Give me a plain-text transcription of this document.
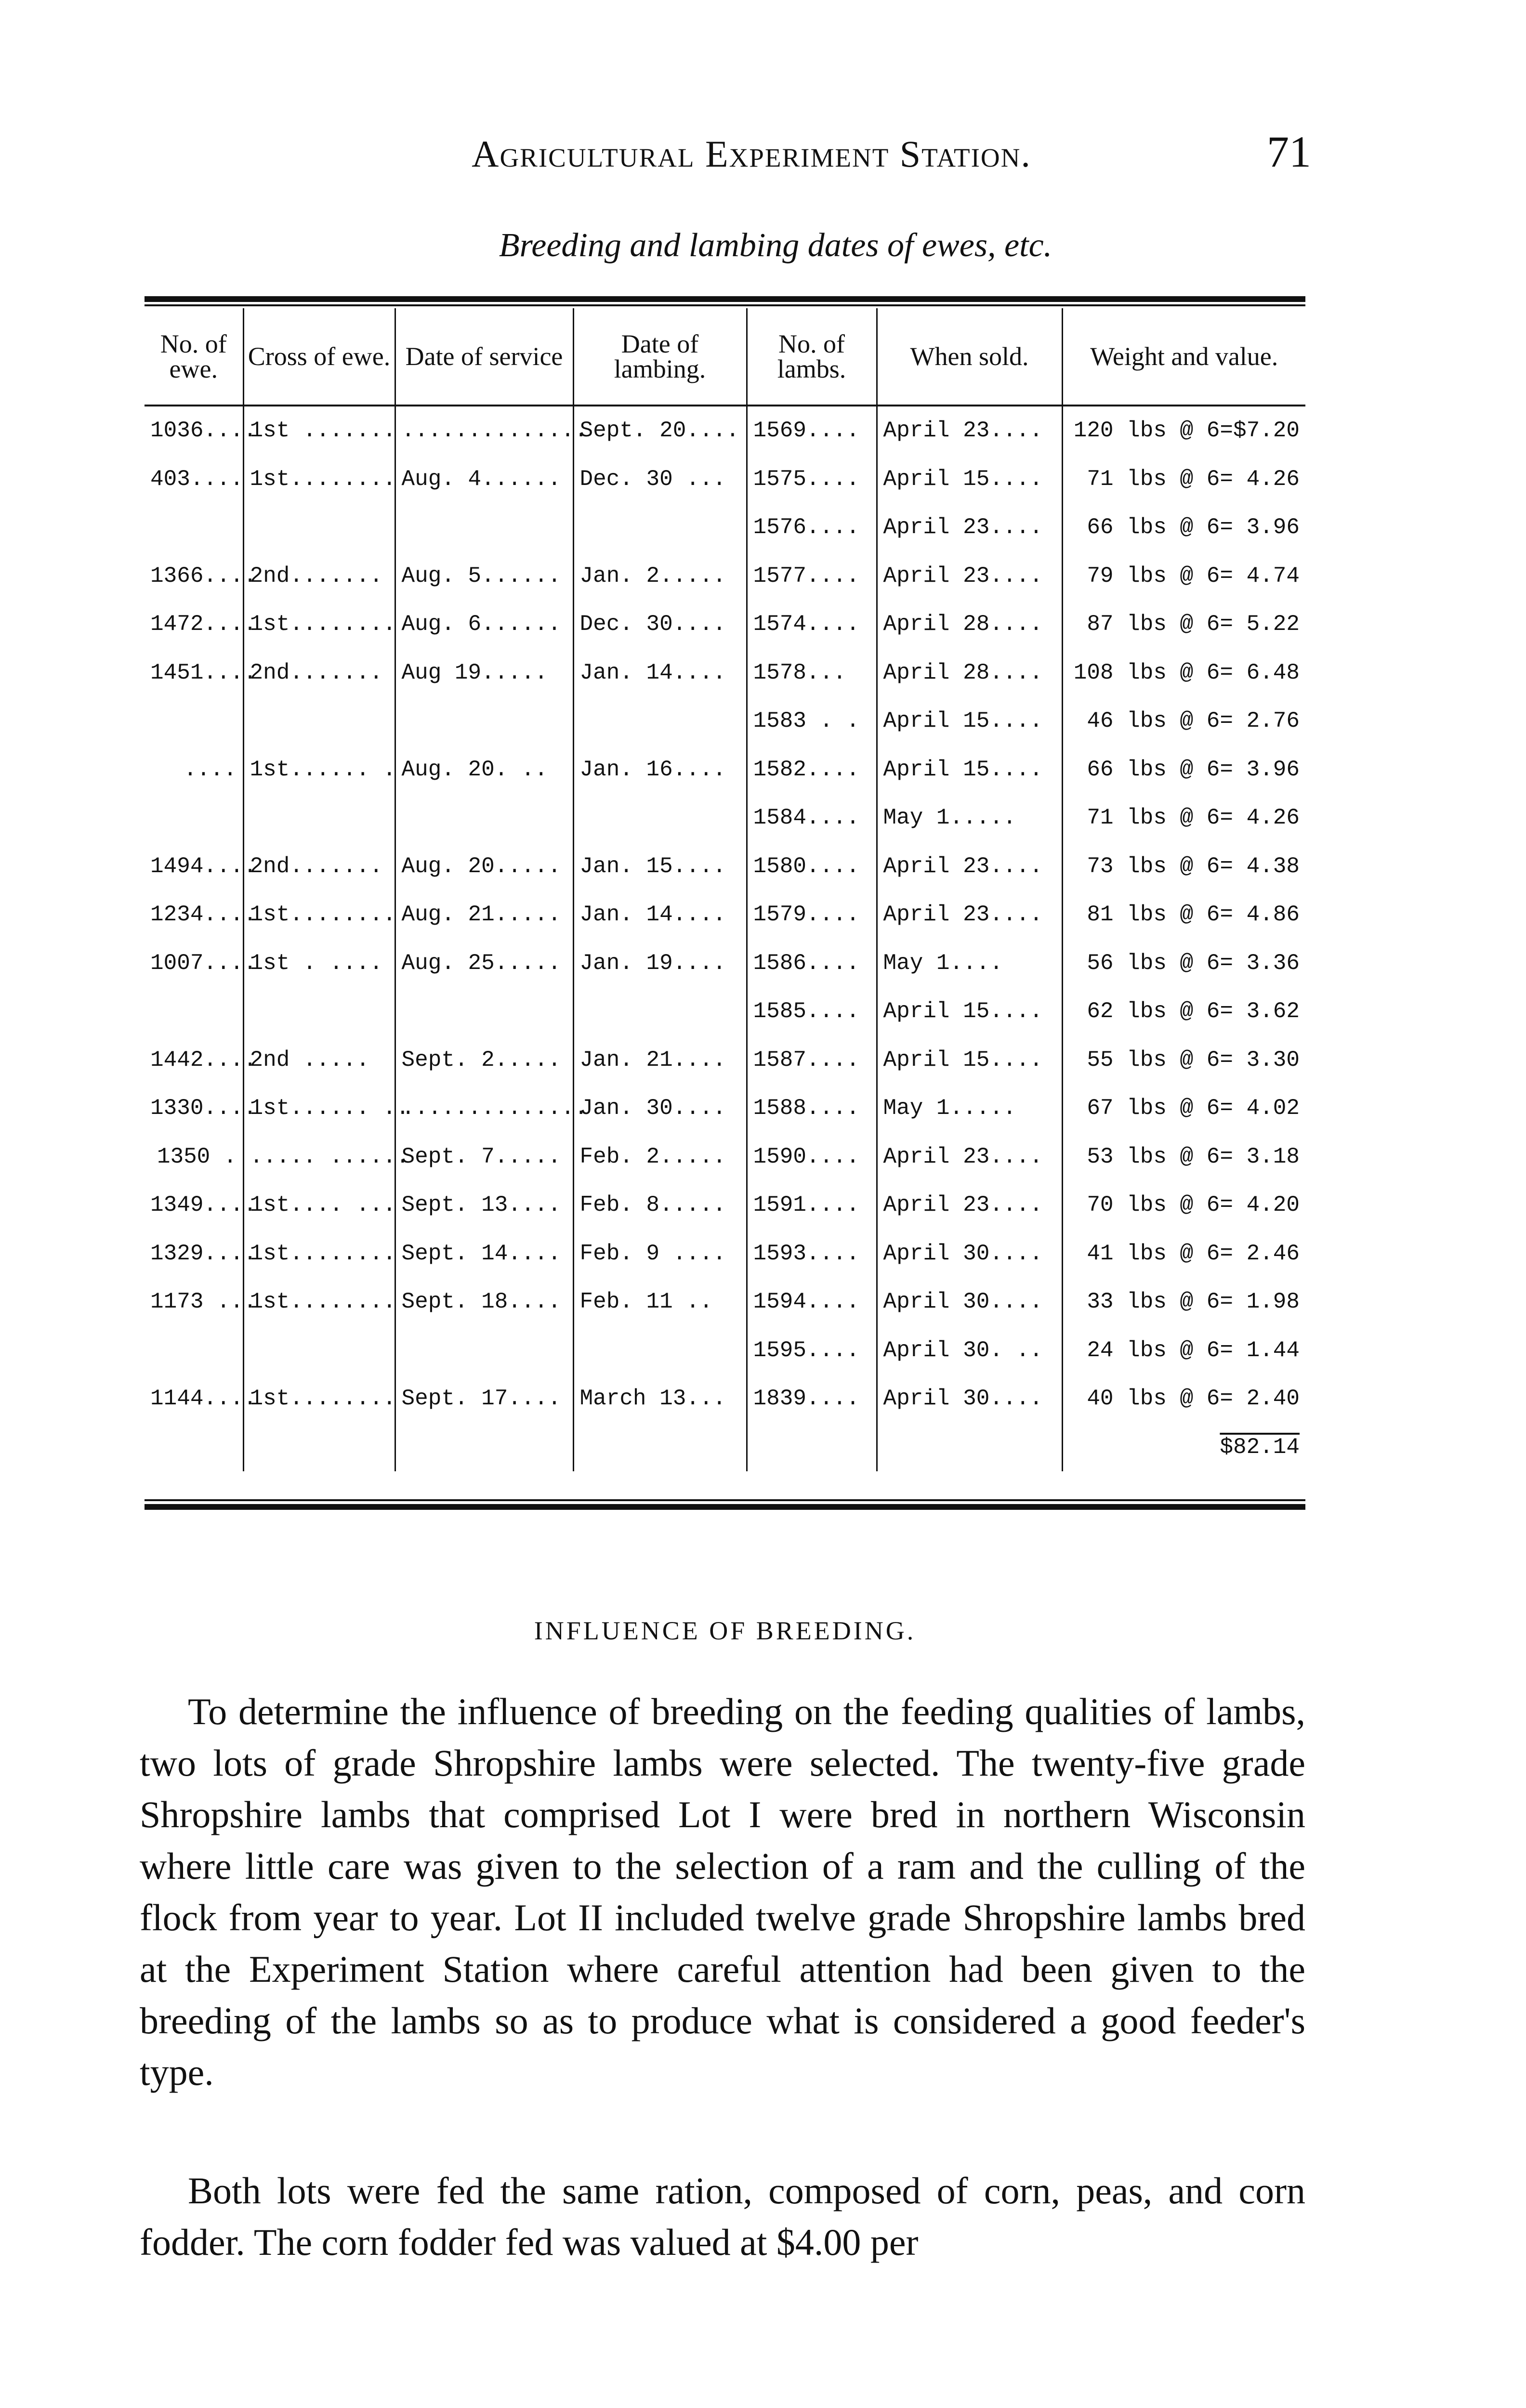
Agricultural Experiment Station.	71
Breeding and lambing dates of ewes, etc.
No. of ewe.	Cross of ewe.	Date of service	Date of lambing.	No. of lambs.	When sold.	Weight and value.
1036....	1st .......	..............	Sept. 20....	1569....	April 23....	120 lbs @ 6=$7.20
403....	1st........	Aug. 4......	Dec. 30 ...	1575....	April 15....	71 lbs @ 6= 4.26
				1576....	April 23....	66 lbs @ 6= 3.96
1366....	2nd.......	Aug. 5......	Jan. 2.....	1577....	April 23....	79 lbs @ 6= 4.74
1472....	1st........	Aug. 6......	Dec. 30....	1574....	April 28....	87 lbs @ 6= 5.22
1451....	2nd.......	Aug 19.....	Jan. 14....	1578...	April 28....	108 lbs @ 6= 6.48
				1583 . .	April 15....	46 lbs @ 6= 2.76
....	1st...... .	Aug. 20. ..	Jan. 16....	1582....	April 15....	66 lbs @ 6= 3.96
				1584....	May 1.....	71 lbs @ 6= 4.26
1494....	2nd.......	Aug. 20.....	Jan. 15....	1580....	April 23....	73 lbs @ 6= 4.38
1234....	1st........	Aug. 21.....	Jan. 14....	1579....	April 23....	81 lbs @ 6= 4.86
1007....	1st . ....	Aug. 25.....	Jan. 19....	1586....	May 1....	56 lbs @ 6= 3.36
				1585....	April 15....	62 lbs @ 6= 3.62
1442....	2nd .....	Sept. 2.....	Jan. 21....	1587....	April 15....	55 lbs @ 6= 3.30
1330....	1st...... ..	..............	Jan. 30....	1588....	May 1.....	67 lbs @ 6= 4.02
1350 .	..... ......	Sept. 7.....	Feb. 2.....	1590....	April 23....	53 lbs @ 6= 3.18
1349....	1st.... ...	Sept. 13....	Feb. 8.....	1591....	April 23....	70 lbs @ 6= 4.20
1329....	1st........	Sept. 14....	Feb. 9 ....	1593....	April 30....	41 lbs @ 6= 2.46
1173 ...	1st........	Sept. 18....	Feb. 11 ..	1594....	April 30....	33 lbs @ 6= 1.98
				1595....	April 30. ..	24 lbs @ 6= 1.44
1144....	1st........	Sept. 17....	March 13...	1839....	April 30....	40 lbs @ 6= 2.40
						$82.14
INFLUENCE OF BREEDING.
To determine the influence of breeding on the feeding qualities of lambs, two lots of grade Shropshire lambs were selected. The twenty-five grade Shropshire lambs that comprised Lot I were bred in northern Wisconsin where little care was given to the selection of a ram and the culling of the flock from year to year. Lot II included twelve grade Shropshire lambs bred at the Experiment Station where careful attention had been given to the breeding of the lambs so as to produce what is considered a good feeder's type.
Both lots were fed the same ration, composed of corn, peas, and corn fodder. The corn fodder fed was valued at $4.00 per
